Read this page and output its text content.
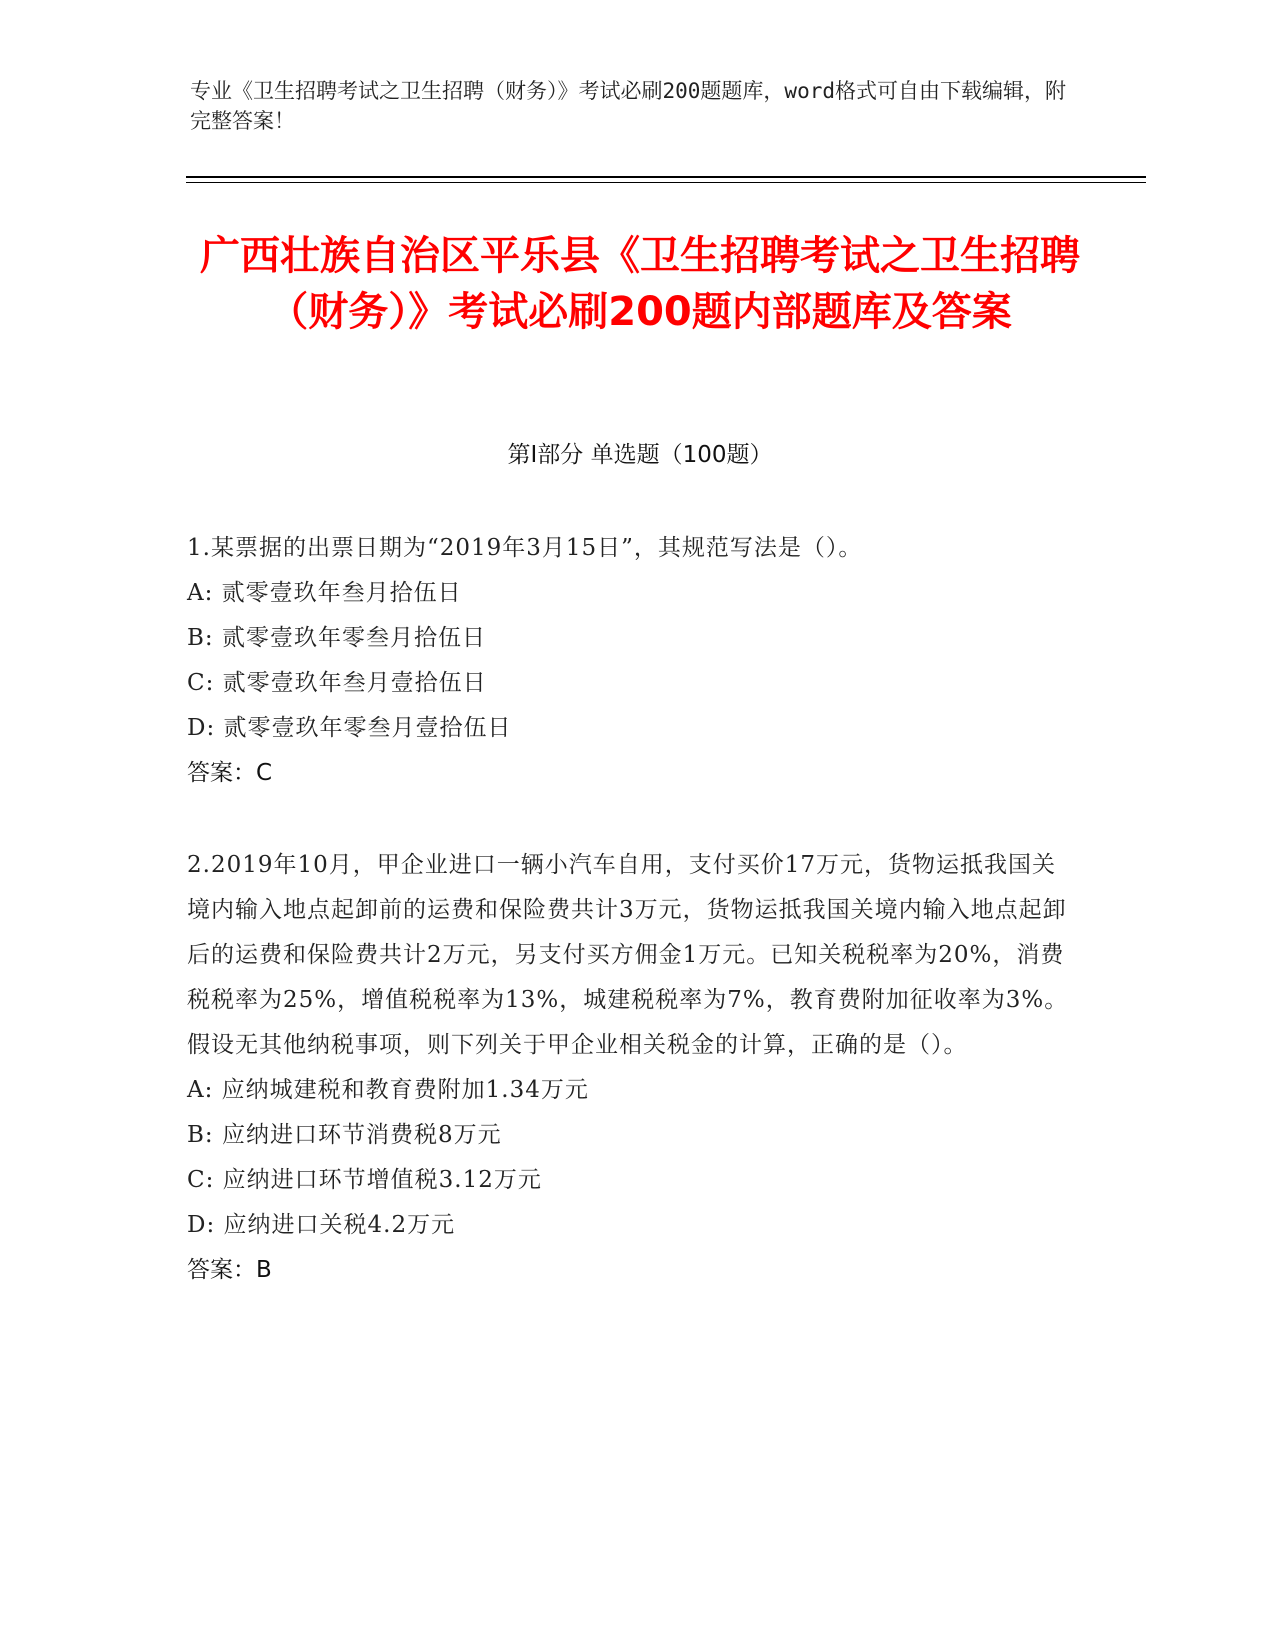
专业《卫生招聘考试之卫生招聘（财务）》考试必刷200题题库，word格式可自由下载编辑，附完整答案！
广西壮族自治区平乐县《卫生招聘考试之卫生招聘（财务）》考试必刷200题内部题库及答案
第Ⅰ部分 单选题（100题）
1.某票据的出票日期为“2019年3月15日”，其规范写法是（）。
A: 贰零壹玖年叁月拾伍日
B: 贰零壹玖年零叁月拾伍日
C: 贰零壹玖年叁月壹拾伍日
D: 贰零壹玖年零叁月壹拾伍日
答案：C
2.2019年10月，甲企业进口一辆小汽车自用，支付买价17万元，货物运抵我国关境内输入地点起卸前的运费和保险费共计3万元，货物运抵我国关境内输入地点起卸后的运费和保险费共计2万元，另支付买方佣金1万元。已知关税税率为20%，消费税税率为25%，增值税税率为13%，城建税税率为7%，教育费附加征收率为3%。假设无其他纳税事项，则下列关于甲企业相关税金的计算，正确的是（）。
A: 应纳城建税和教育费附加1.34万元
B: 应纳进口环节消费税8万元
C: 应纳进口环节增值税3.12万元
D: 应纳进口关税4.2万元
答案：B
